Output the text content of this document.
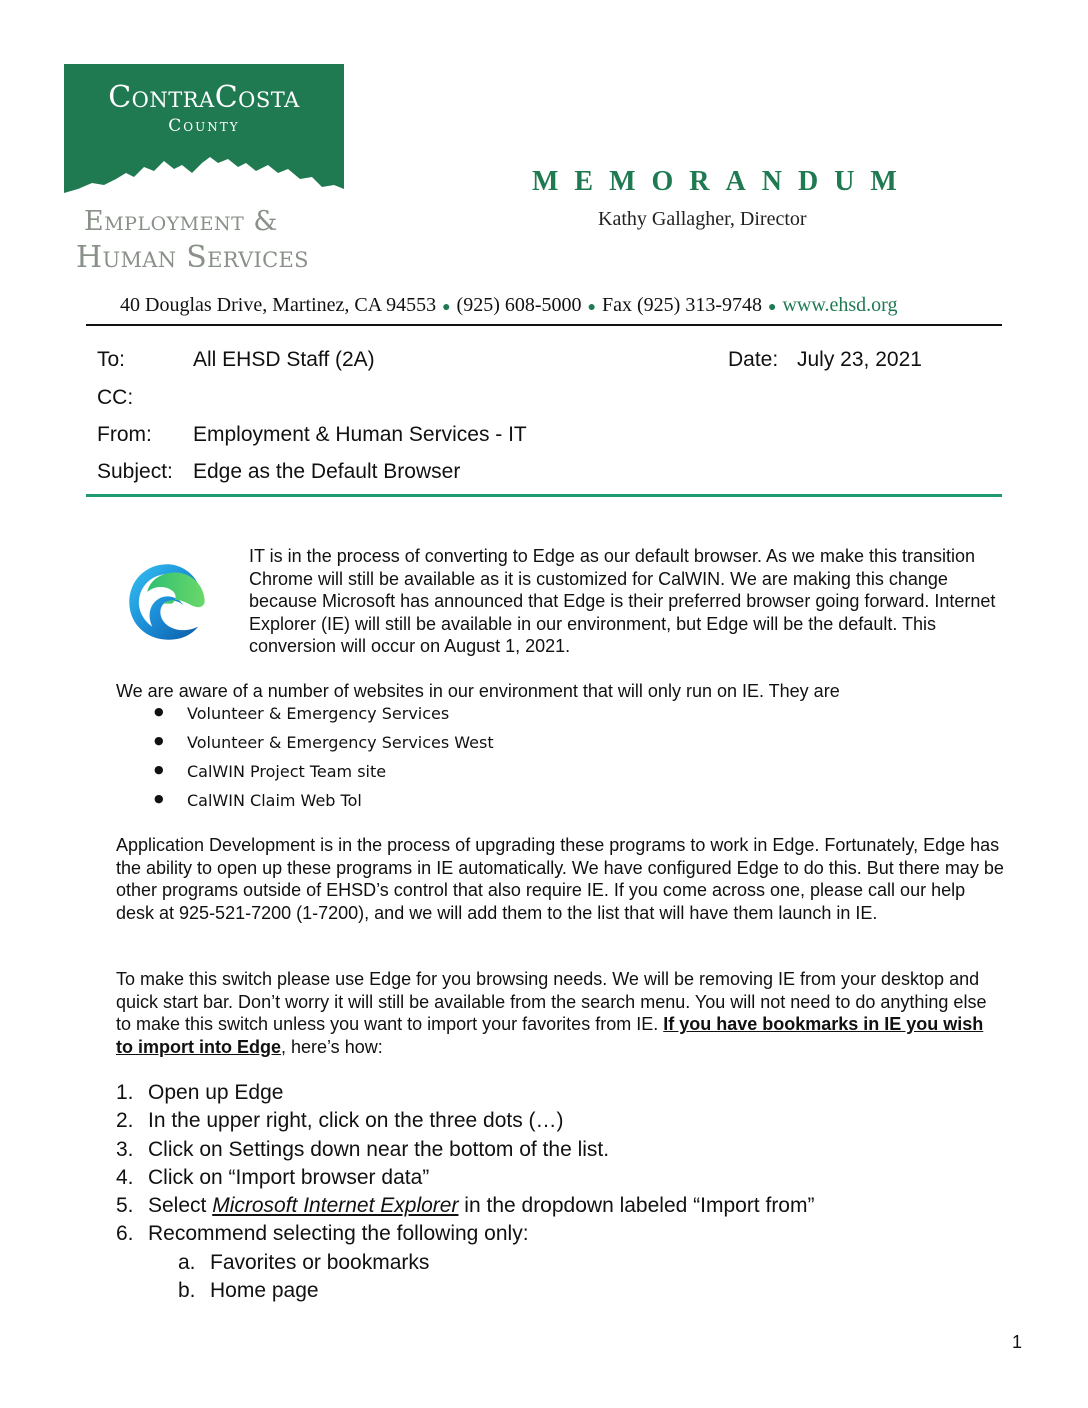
ContraCosta
County
Employment &
Human Services
MEMORANDUM
Kathy Gallagher, Director
40 Douglas Drive, Martinez, CA 94553 ● (925) 608-5000 ● Fax (925) 313-9748 ● www.ehsd.org
To:	All EHSD Staff (2A)	Date: July 23, 2021
CC:
From: Employment & Human Services - IT
Subject: Edge as the Default Browser
IT is in the process of converting to Edge as our default browser. As we make this transition Chrome will still be available as it is customized for CalWIN. We are making this change because Microsoft has announced that Edge is their preferred browser going forward. Internet Explorer (IE) will still be available in our environment, but Edge will be the default. This conversion will occur on August 1, 2021.
We are aware of a number of websites in our environment that will only run on IE. They are
● Volunteer & Emergency Services
● Volunteer & Emergency Services West
● CalWIN Project Team site
● CalWIN Claim Web Tol
Application Development is in the process of upgrading these programs to work in Edge. Fortunately, Edge has the ability to open up these programs in IE automatically. We have configured Edge to do this. But there may be other programs outside of EHSD’s control that also require IE. If you come across one, please call our help desk at 925-521-7200 (1-7200), and we will add them to the list that will have them launch in IE.
To make this switch please use Edge for you browsing needs. We will be removing IE from your desktop and quick start bar. Don’t worry it will still be available from the search menu. You will not need to do anything else to make this switch unless you want to import your favorites from IE. If you have bookmarks in IE you wish to import into Edge, here’s how:
1. Open up Edge
2. In the upper right, click on the three dots (…)
3. Click on Settings down near the bottom of the list.
4. Click on “Import browser data”
5. Select Microsoft Internet Explorer in the dropdown labeled “Import from”
6. Recommend selecting the following only:
a. Favorites or bookmarks
b. Home page
1
